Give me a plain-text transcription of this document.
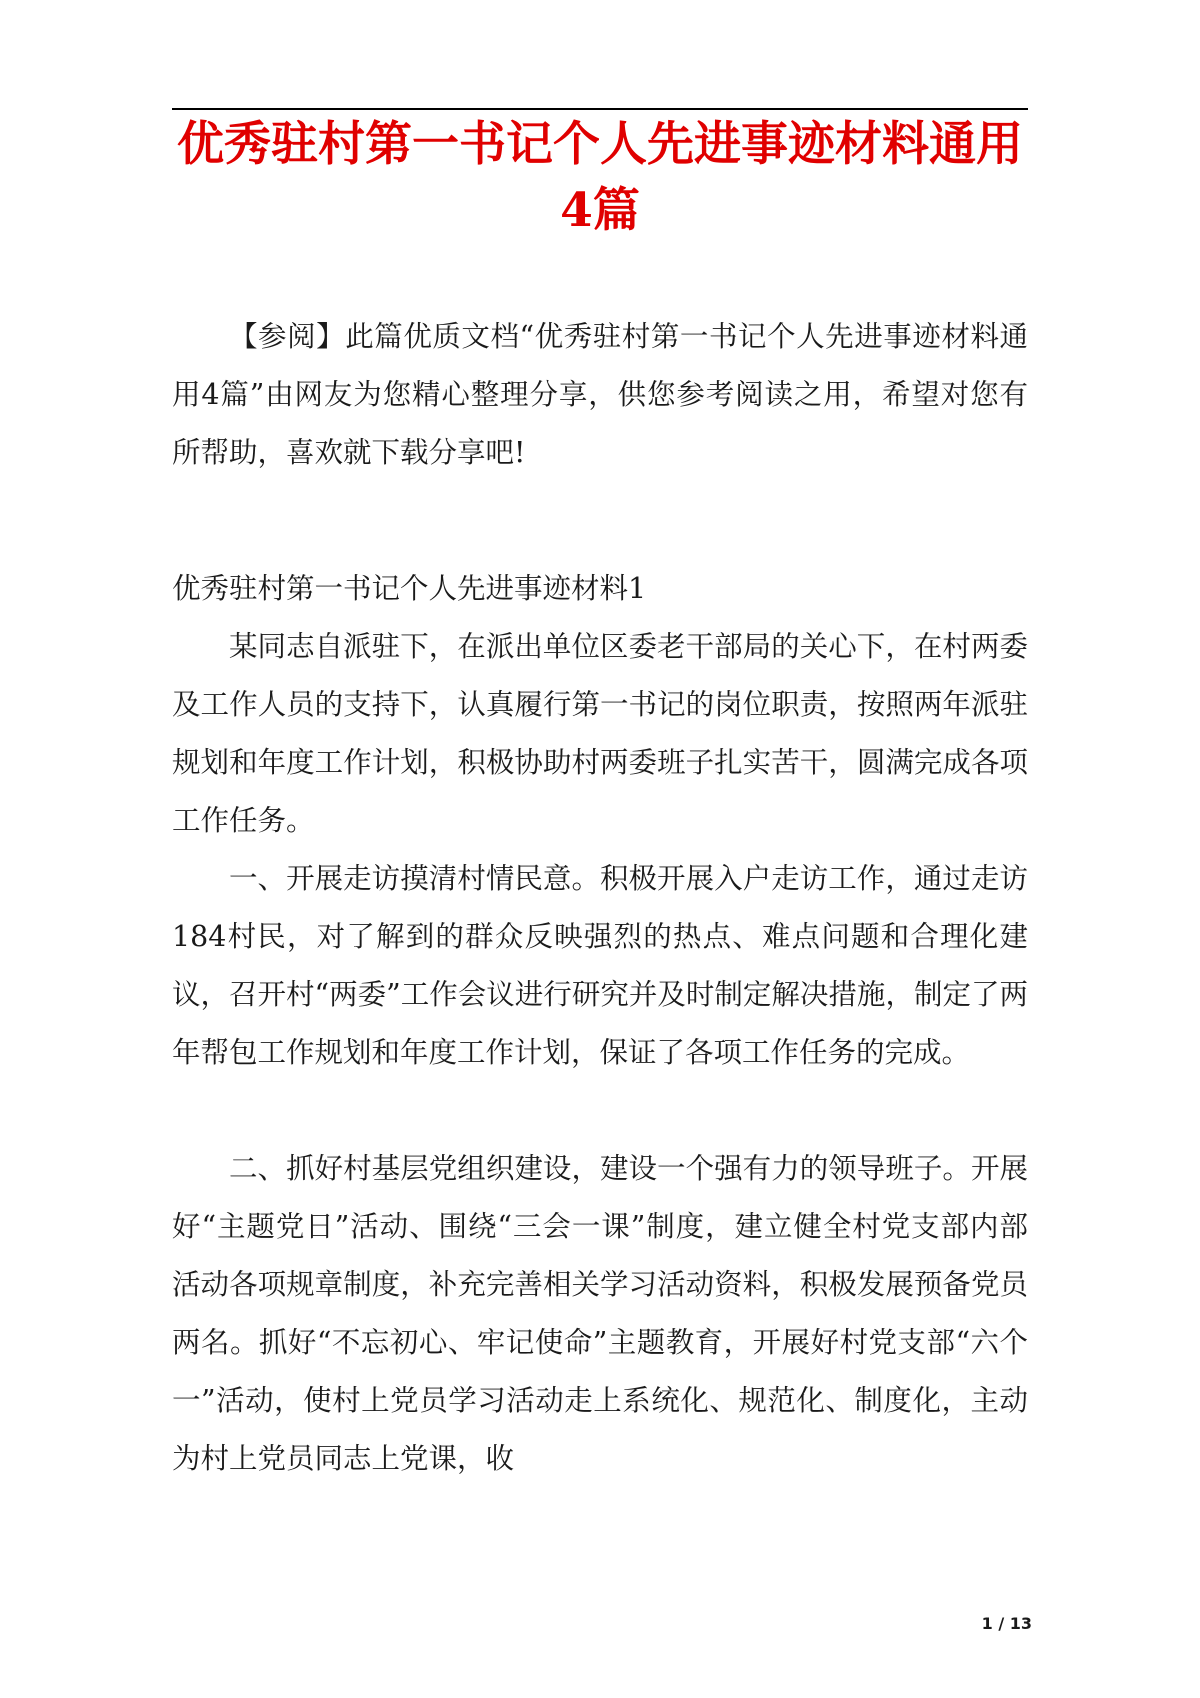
优秀驻村第一书记个人先进事迹材料通用4篇

【参阅】此篇优质文档“优秀驻村第一书记个人先进事迹材料通用4篇”由网友为您精心整理分享，供您参考阅读之用，希望对您有所帮助，喜欢就下载分享吧!

优秀驻村第一书记个人先进事迹材料1

某同志自派驻下，在派出单位区委老干部局的关心下，在村两委及工作人员的支持下，认真履行第一书记的岗位职责，按照两年派驻规划和年度工作计划，积极协助村两委班子扎实苦干，圆满完成各项工作任务。

一、开展走访摸清村情民意。积极开展入户走访工作，通过走访184村民，对了解到的群众反映强烈的热点、难点问题和合理化建议，召开村“两委”工作会议进行研究并及时制定解决措施，制定了两年帮包工作规划和年度工作计划，保证了各项工作任务的完成。

二、抓好村基层党组织建设，建设一个强有力的领导班子。开展好“主题党日”活动、围绕“三会一课”制度，建立健全村党支部内部活动各项规章制度，补充完善相关学习活动资料，积极发展预备党员两名。抓好“不忘初心、牢记使命”主题教育，开展好村党支部“六个一”活动，使村上党员学习活动走上系统化、规范化、制度化，主动为村上党员同志上党课，收

1 / 13
